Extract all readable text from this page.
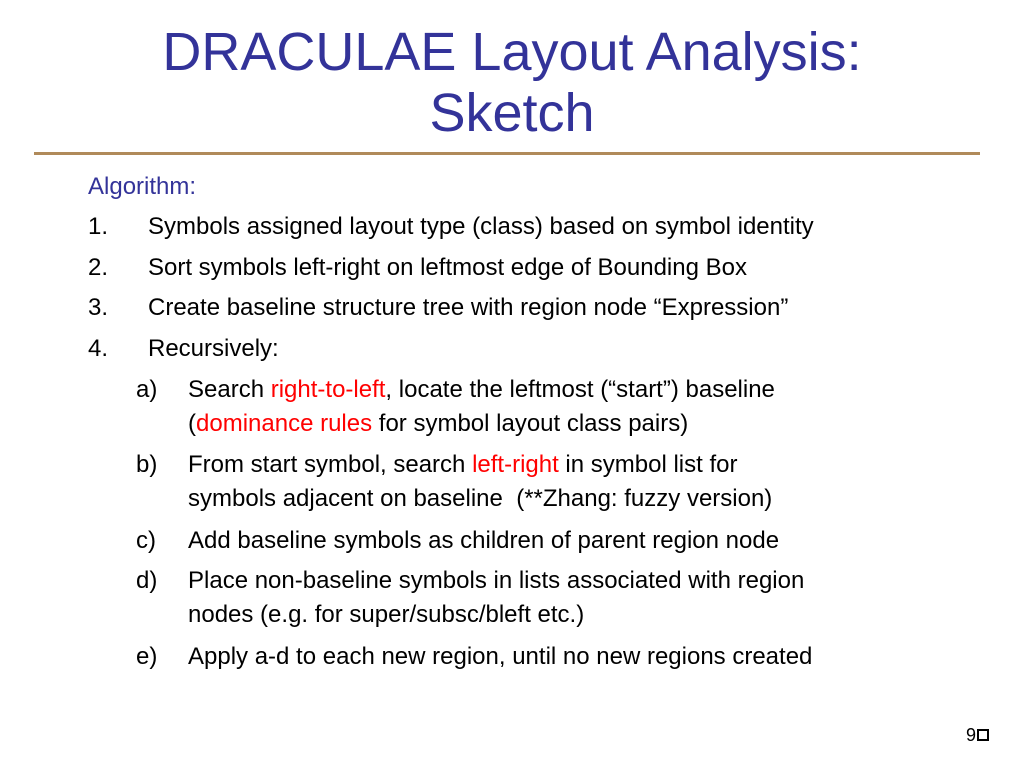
DRACULAE Layout Analysis:
Sketch
Algorithm:
1. Symbols assigned layout type (class) based on symbol identity
2. Sort symbols left-right on leftmost edge of Bounding Box
3. Create baseline structure tree with region node “Expression”
4. Recursively:
a) Search right-to-left, locate the leftmost (“start”) baseline
(dominance rules for symbol layout class pairs)
b) From start symbol, search left-right in symbol list for
symbols adjacent on baseline  (**Zhang: fuzzy version)
c) Add baseline symbols as children of parent region node
d) Place non-baseline symbols in lists associated with region
nodes (e.g. for super/subsc/bleft etc.)
e) Apply a-d to each new region, until no new regions created
9
